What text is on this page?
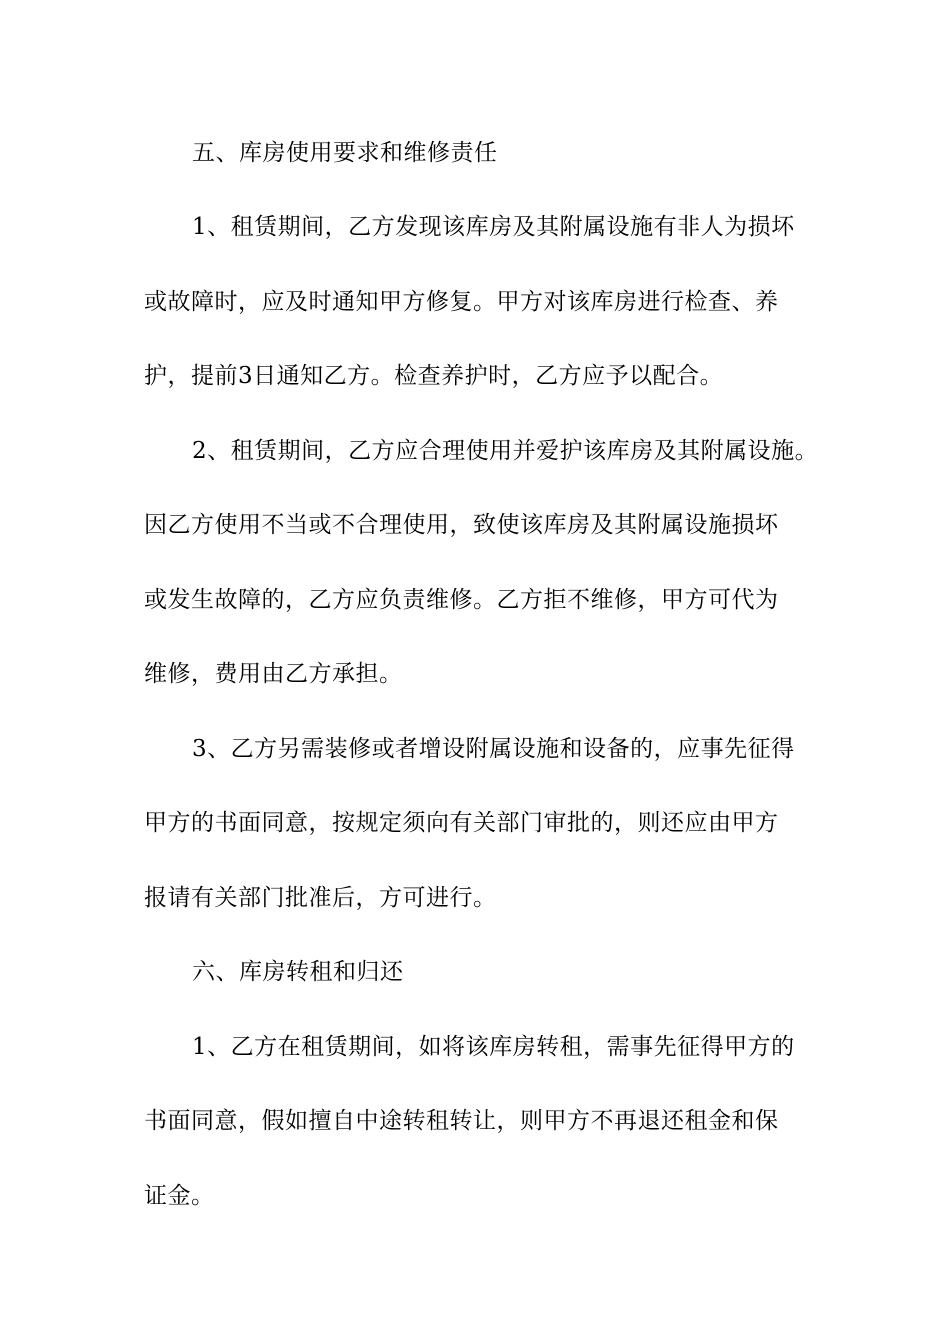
五、库房使用要求和维修责任
1、租赁期间，乙方发现该库房及其附属设施有非人为损坏
或故障时，应及时通知甲方修复。甲方对该库房进行检查、养
护，提前3日通知乙方。检查养护时，乙方应予以配合。
2、租赁期间，乙方应合理使用并爱护该库房及其附属设施。
因乙方使用不当或不合理使用，致使该库房及其附属设施损坏
或发生故障的，乙方应负责维修。乙方拒不维修，甲方可代为
维修，费用由乙方承担。
3、乙方另需装修或者增设附属设施和设备的，应事先征得
甲方的书面同意，按规定须向有关部门审批的，则还应由甲方
报请有关部门批准后，方可进行。
六、库房转租和归还
1、乙方在租赁期间，如将该库房转租，需事先征得甲方的
书面同意，假如擅自中途转租转让，则甲方不再退还租金和保
证金。
